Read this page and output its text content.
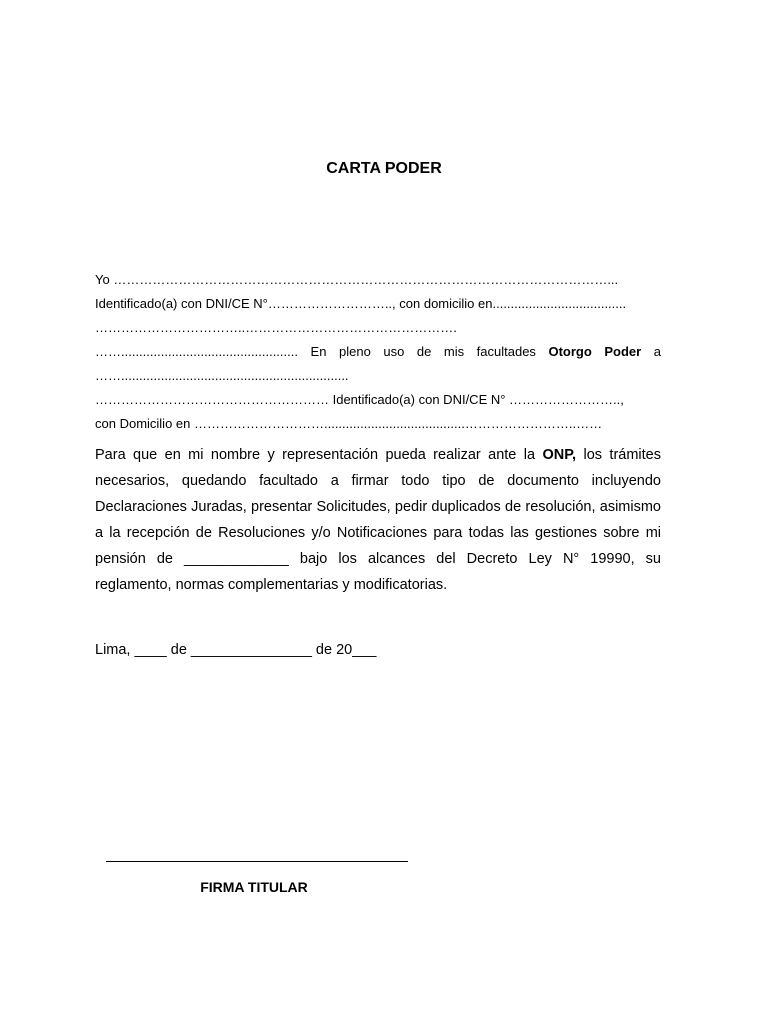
CARTA PODER
Yo ……………………………………………………………………………………………………...
Identificado(a) con DNI/CE N°……………………….., con domicilio en.....................................
……………………………..………………………………………….
……................................................. En pleno uso de mis facultades Otorgo Poder a
……...............................................................
……………………………………………… Identificado(a) con DNI/CE N° ……………………..,
con Domicilio en ………………………….......................................……………………..……

Para que en mi nombre y representación pueda realizar ante la ONP, los trámites necesarios, quedando facultado a firmar todo tipo de documento incluyendo Declaraciones Juradas, presentar Solicitudes, pedir duplicados de resolución, asimismo a la recepción de Resoluciones y/o Notificaciones para todas las gestiones sobre mi pensión de _____________ bajo los alcances del Decreto Ley N° 19990, su reglamento, normas complementarias y modificatorias.

Lima, ____ de _______________ de 20___

FIRMA TITULAR
